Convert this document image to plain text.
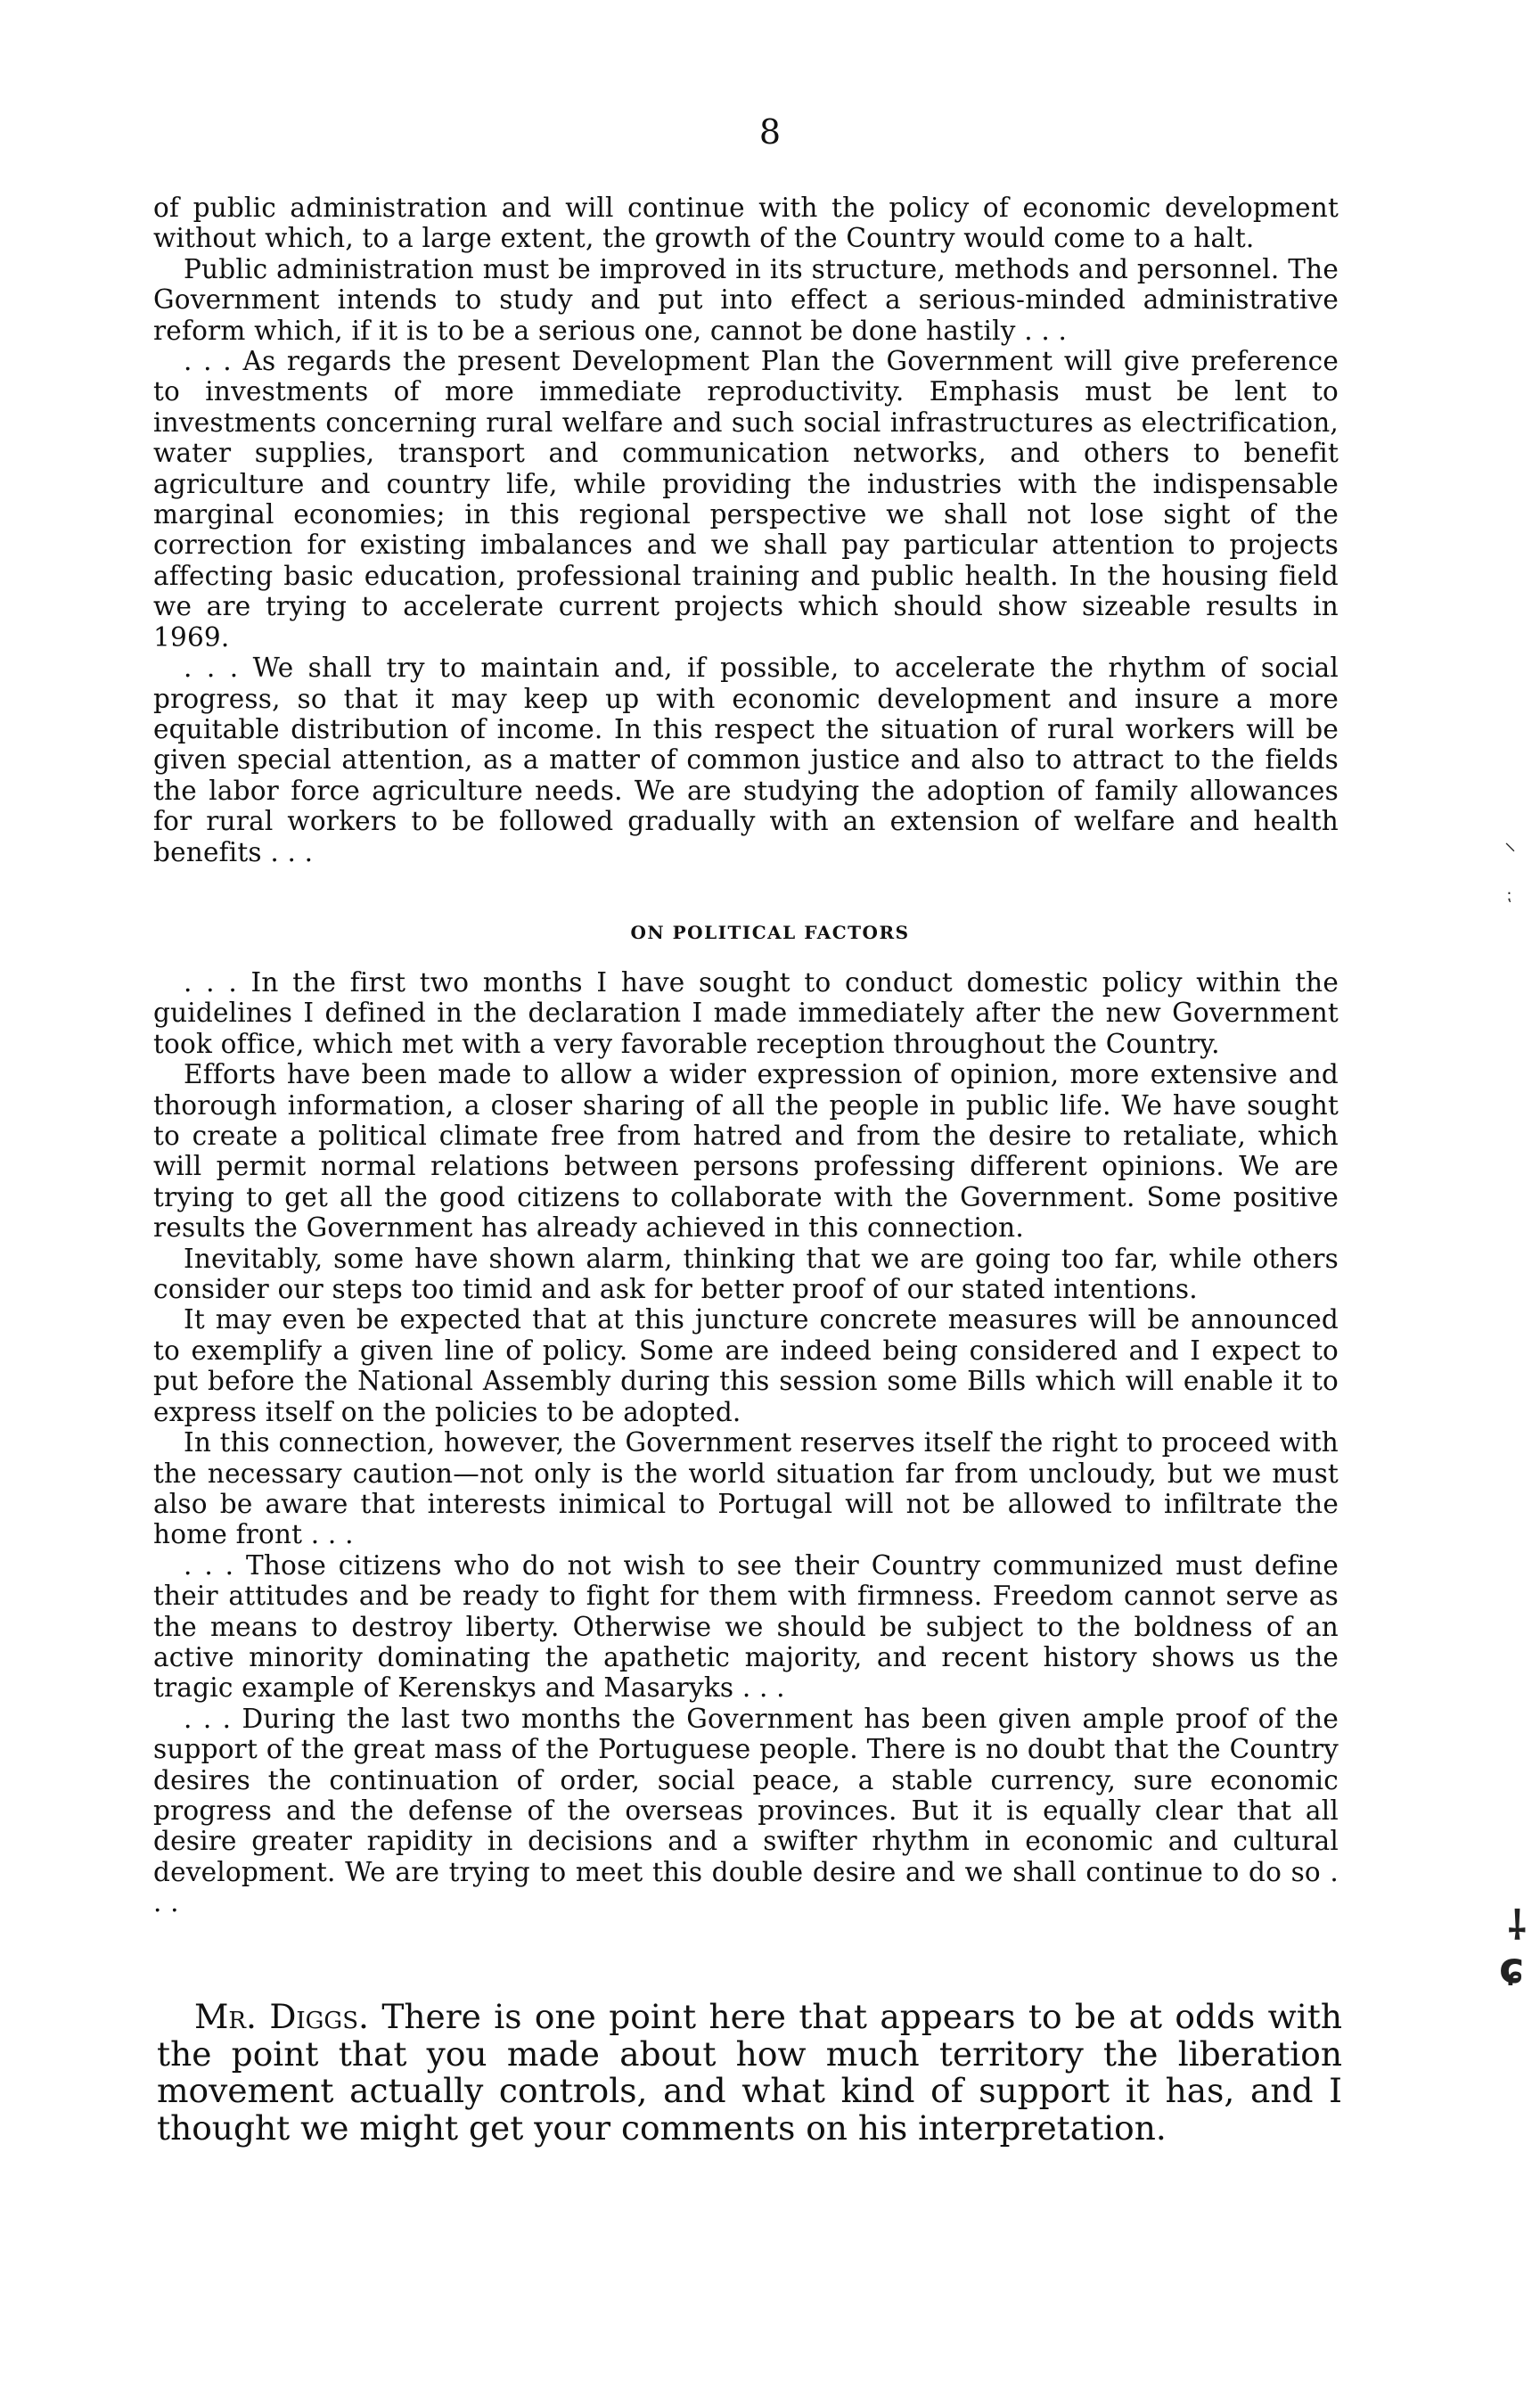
8

of public administration and will continue with the policy of economic development without which, to a large extent, the growth of the Country would come to a halt.

Public administration must be improved in its structure, methods and personnel. The Government intends to study and put into effect a serious-minded administrative reform which, if it is to be a serious one, cannot be done hastily . . .

. . . As regards the present Development Plan the Government will give preference to investments of more immediate reproductivity. Emphasis must be lent to investments concerning rural welfare and such social infrastructures as electrification, water supplies, transport and communication networks, and others to benefit agriculture and country life, while providing the industries with the indispensable marginal economies; in this regional perspective we shall not lose sight of the correction for existing imbalances and we shall pay particular attention to projects affecting basic education, professional training and public health. In the housing field we are trying to accelerate current projects which should show sizeable results in 1969.

. . . We shall try to maintain and, if possible, to accelerate the rhythm of social progress, so that it may keep up with economic development and insure a more equitable distribution of income. In this respect the situation of rural workers will be given special attention, as a matter of common justice and also to attract to the fields the labor force agriculture needs. We are studying the adoption of family allowances for rural workers to be followed gradually with an extension of welfare and health benefits . . .

ON POLITICAL FACTORS

. . . In the first two months I have sought to conduct domestic policy within the guidelines I defined in the declaration I made immediately after the new Government took office, which met with a very favorable reception throughout the Country.

Efforts have been made to allow a wider expression of opinion, more extensive and thorough information, a closer sharing of all the people in public life. We have sought to create a political climate free from hatred and from the desire to retaliate, which will permit normal relations between persons professing different opinions. We are trying to get all the good citizens to collaborate with the Government. Some positive results the Government has already achieved in this connection.

Inevitably, some have shown alarm, thinking that we are going too far, while others consider our steps too timid and ask for better proof of our stated intentions.

It may even be expected that at this juncture concrete measures will be announced to exemplify a given line of policy. Some are indeed being considered and I expect to put before the National Assembly during this session some Bills which will enable it to express itself on the policies to be adopted.

In this connection, however, the Government reserves itself the right to proceed with the necessary caution—not only is the world situation far from uncloudy, but we must also be aware that interests inimical to Portugal will not be allowed to infiltrate the home front . . .

. . . Those citizens who do not wish to see their Country communized must define their attitudes and be ready to fight for them with firmness. Freedom cannot serve as the means to destroy liberty. Otherwise we should be subject to the boldness of an active minority dominating the apathetic majority, and recent history shows us the tragic example of Kerenskys and Masaryks . . .

. . . During the last two months the Government has been given ample proof of the support of the great mass of the Portuguese people. There is no doubt that the Country desires the continuation of order, social peace, a stable currency, sure economic progress and the defense of the overseas provinces. But it is equally clear that all desire greater rapidity in decisions and a swifter rhythm in economic and cultural development. We are trying to meet this double desire and we shall continue to do so . . .

Mr. Diggs. There is one point here that appears to be at odds with the point that you made about how much territory the liberation movement actually controls, and what kind of support it has, and I thought we might get your comments on his interpretation.

⸌
⁏
⸸
ɕ
